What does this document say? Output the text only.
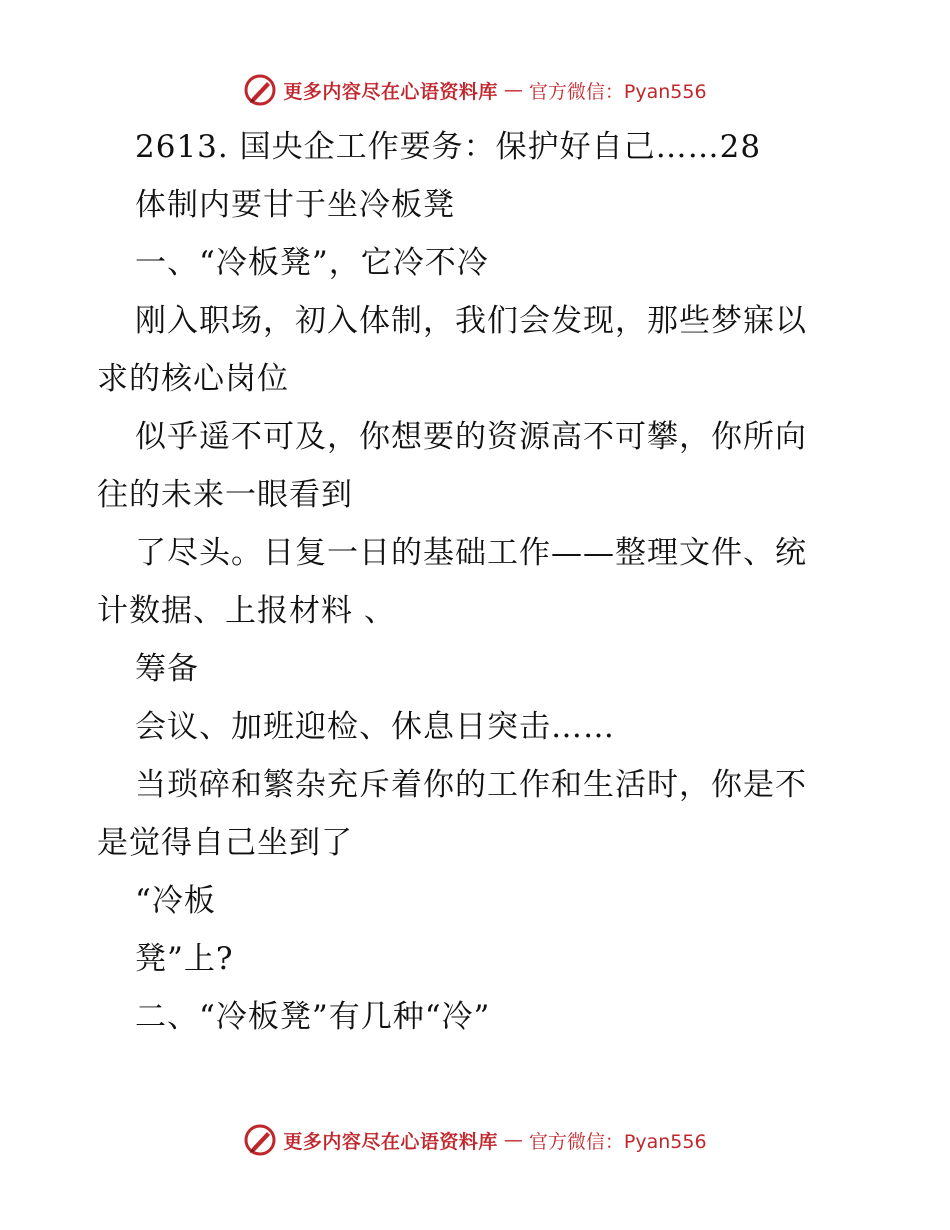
更多内容尽在心语资料库 — 官方微信：Pyan556
2613. 国央企工作要务：保护好自己……28
体制内要甘于坐冷板凳
一、“冷板凳”，它冷不冷
刚入职场，初入体制，我们会发现，那些梦寐以
求的核心岗位
似乎遥不可及，你想要的资源高不可攀，你所向
往的未来一眼看到
了尽头。日复一日的基础工作——整理文件、统
计数据、上报材料 、
筹备
会议、加班迎检、休息日突击……
当琐碎和繁杂充斥着你的工作和生活时，你是不
是觉得自己坐到了
“冷板
凳”上?
二、“冷板凳”有几种“冷”
更多内容尽在心语资料库 — 官方微信：Pyan556
